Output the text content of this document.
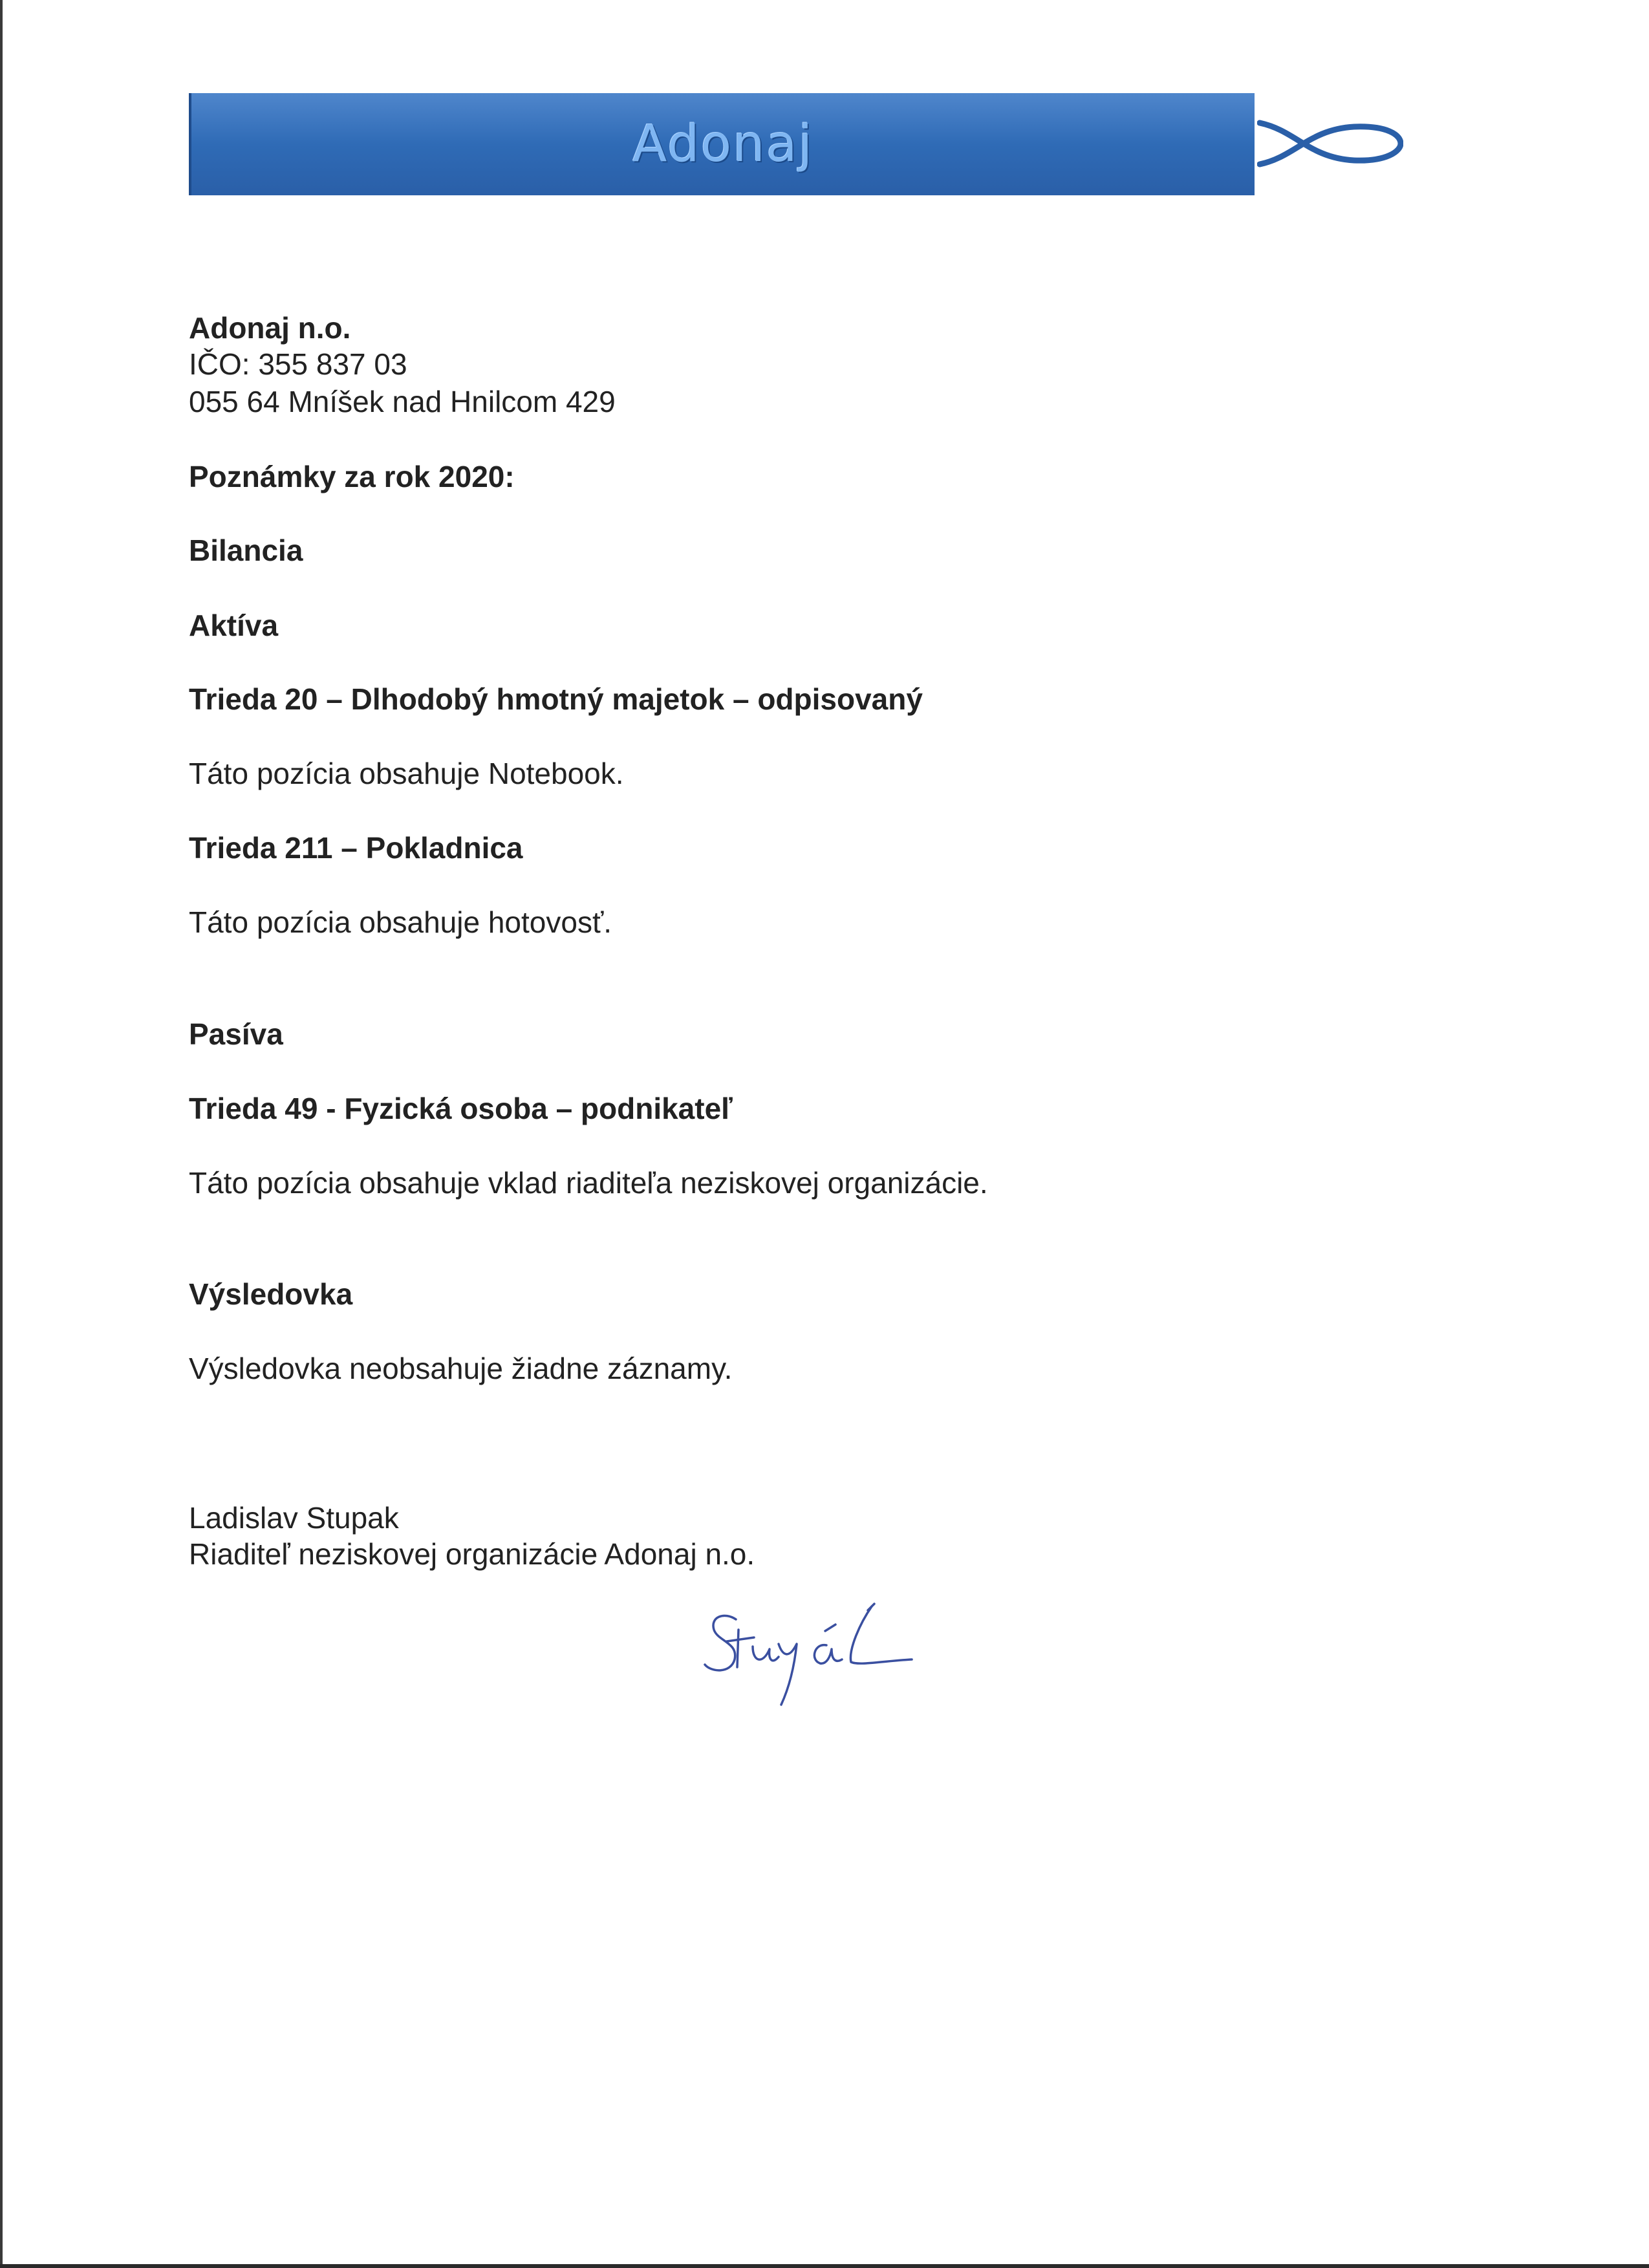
Adonaj
Adonaj n.o.
IČO: 355 837 03
055 64 Mníšek nad Hnilcom 429
Poznámky za rok 2020:
Bilancia
Aktíva
Trieda 20 – Dlhodobý hmotný majetok – odpisovaný
Táto pozícia obsahuje Notebook.
Trieda 211 – Pokladnica
Táto pozícia obsahuje hotovosť.
Pasíva
Trieda 49 - Fyzická osoba – podnikateľ
Táto pozícia obsahuje vklad riaditeľa neziskovej organizácie.
Výsledovka
Výsledovka neobsahuje žiadne záznamy.
Ladislav Stupak
Riaditeľ neziskovej organizácie Adonaj n.o.
